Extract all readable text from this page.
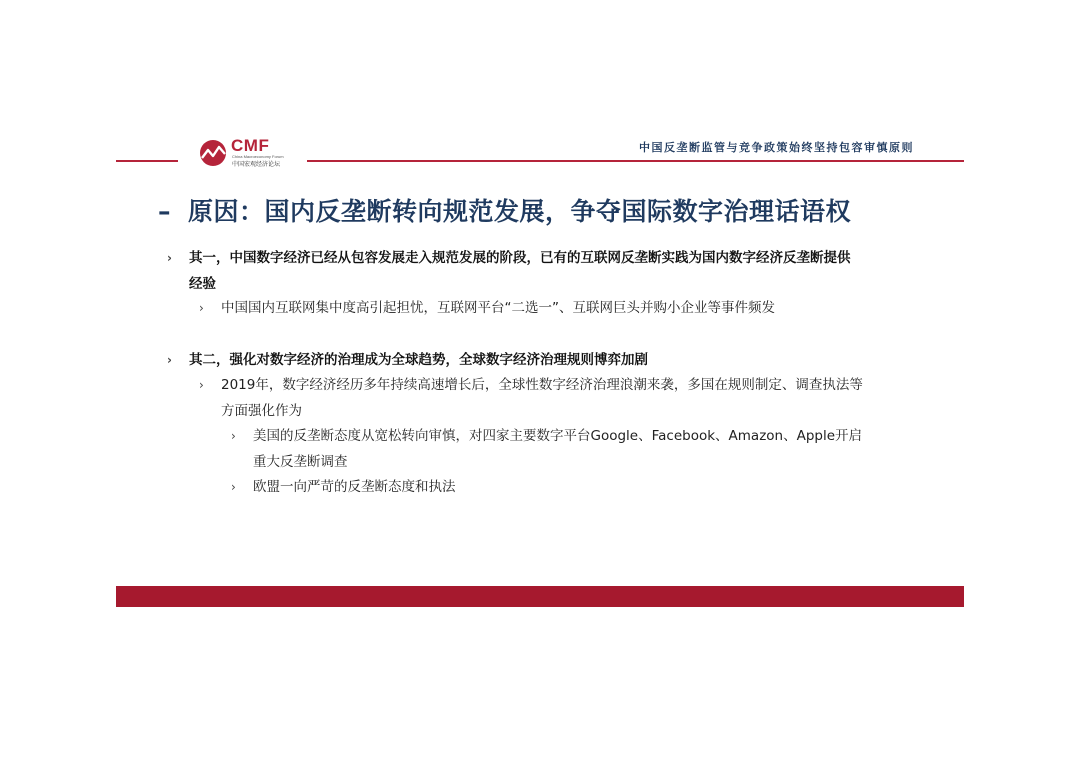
CMF
China Macroeconomy Forum
中国宏观经济论坛
中国反垄断监管与竞争政策始终坚持包容审慎原则
– 原因：国内反垄断转向规范发展，争夺国际数字治理话语权
› 其一，中国数字经济已经从包容发展走入规范发展的阶段，已有的互联网反垄断实践为国内数字经济反垄断提供
经验
› 中国国内互联网集中度高引起担忧，互联网平台“二选一”、互联网巨头并购小企业等事件频发
› 其二，强化对数字经济的治理成为全球趋势，全球数字经济治理规则博弈加剧
› 2019年，数字经济经历多年持续高速增长后，全球性数字经济治理浪潮来袭，多国在规则制定、调查执法等
方面强化作为
› 美国的反垄断态度从宽松转向审慎，对四家主要数字平台Google、Facebook、Amazon、Apple开启
重大反垄断调查
› 欧盟一向严苛的反垄断态度和执法
